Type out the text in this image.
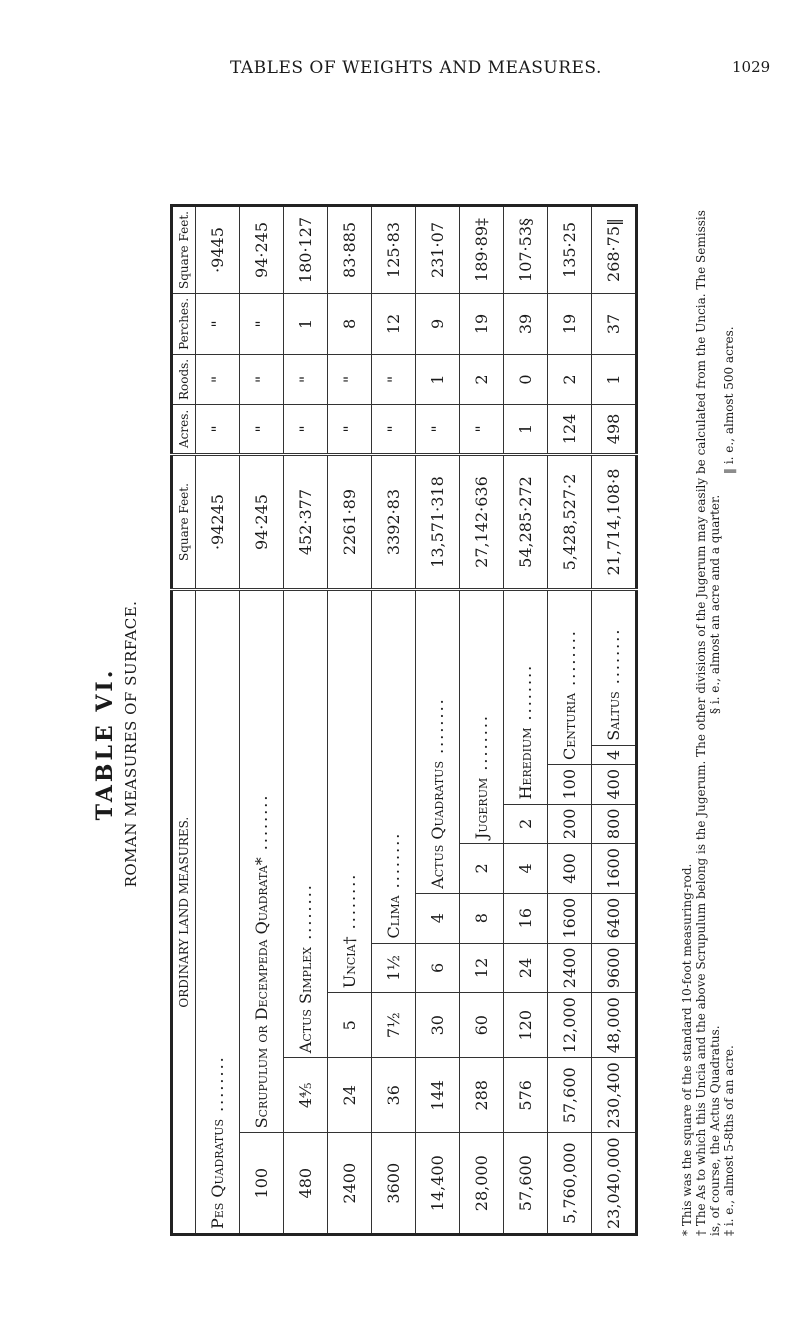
TABLES OF WEIGHTS AND MEASURES.	1029
TABLE VI. ROMAN MEASURES OF SURFACE.
ORDINARY LAND MEASURES.										Square Feet.	Acres.	Roods.	Perches.	Square Feet.
Pes Quadratus ........										·94245	"	"	"	·9445
100	Scrupulum or Decempeda Quadrata* ........									94·245	"	"	"	94·245
480	4⅘	Actus Simplex ........								452·377	"	"	1	180·127
2400	24	5	Uncia† ........							2261·89	"	"	8	83·885
3600	36	7½	1½	Clima ........						3392·83	"	"	12	125·83
14,400	144	30	6	4	Actus Quadratus ........					13,571·318	"	1	9	231·07
28,000	288	60	12	8	2	Jugerum ........				27,142·636	"	2	19	189·89‡
57,600	576	120	24	16	4	2	Heredium ........			54,285·272	1	0	39	107·53§
5,760,000	57,600	12,000	2400	1600	400	200	100	Centuria ........		5,428,527·2	124	2	19	135·25
23,040,000	230,400	48,000	9600	6400	1600	800	400	4	Saltus ........	21,714,108·8	498	1	37	268·75‖
* This was the square of the standard 10-foot measuring-rod. † The As to which this Uncia and the above Scrupulum belong is the Jugerum. The other divisions of the Jugerum may easily be calculated from the Uncia. The Semissis is, of course, the Actus Quadratus. ‡ i. e., almost 5-8ths of an acre.
§ i. e., almost an acre and a quarter.
‖ i. e., almost 500 acres.
